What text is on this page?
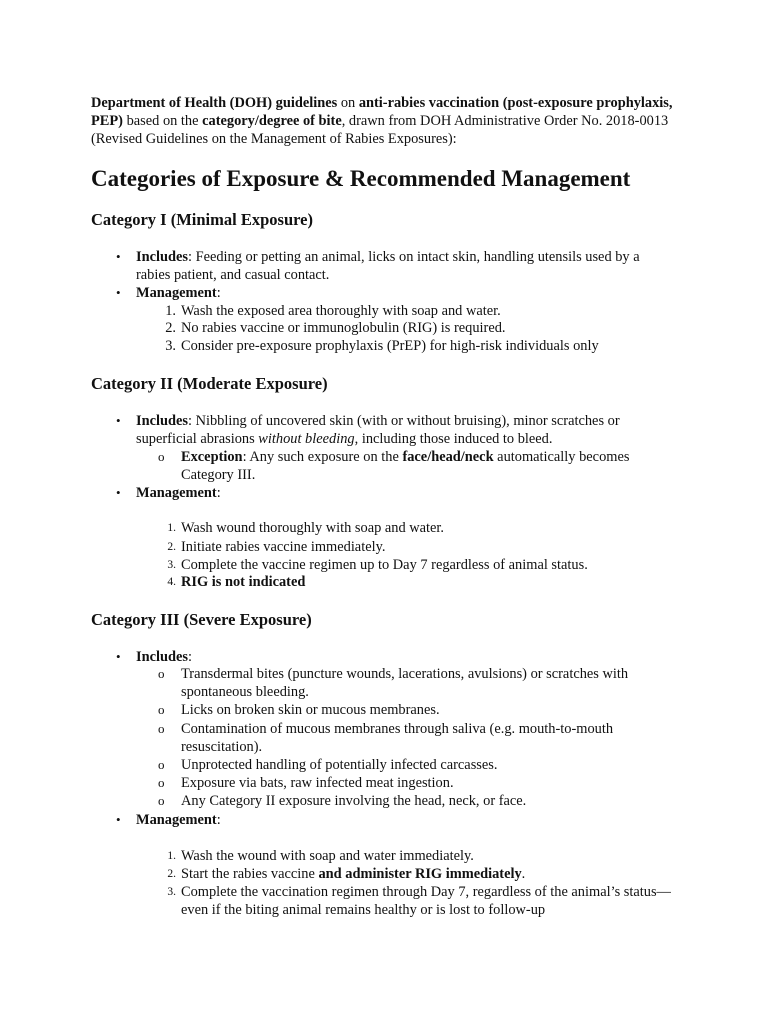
Department of Health (DOH) guidelines on anti-rabies vaccination (post-exposure prophylaxis, PEP) based on the category/degree of bite, drawn from DOH Administrative Order No. 2018-0013 (Revised Guidelines on the Management of Rabies Exposures):

Categories of Exposure & Recommended Management
Category I (Minimal Exposure)
• Includes: Feeding or petting an animal, licks on intact skin, handling utensils used by a rabies patient, and casual contact.
• Management:
1. Wash the exposed area thoroughly with soap and water.
2. No rabies vaccine or immunoglobulin (RIG) is required.
3. Consider pre-exposure prophylaxis (PrEP) for high-risk individuals only
Category II (Moderate Exposure)
• Includes: Nibbling of uncovered skin (with or without bruising), minor scratches or superficial abrasions without bleeding, including those induced to bleed.
o Exception: Any such exposure on the face/head/neck automatically becomes Category III.
• Management:
1. Wash wound thoroughly with soap and water.
2. Initiate rabies vaccine immediately.
3. Complete the vaccine regimen up to Day 7 regardless of animal status.
4. RIG is not indicated
Category III (Severe Exposure)
• Includes:
o Transdermal bites (puncture wounds, lacerations, avulsions) or scratches with spontaneous bleeding.
o Licks on broken skin or mucous membranes.
o Contamination of mucous membranes through saliva (e.g. mouth-to-mouth resuscitation).
o Unprotected handling of potentially infected carcasses.
o Exposure via bats, raw infected meat ingestion.
o Any Category II exposure involving the head, neck, or face.
• Management:
1. Wash the wound with soap and water immediately.
2. Start the rabies vaccine and administer RIG immediately.
3. Complete the vaccination regimen through Day 7, regardless of the animal’s status—even if the biting animal remains healthy or is lost to follow-up
